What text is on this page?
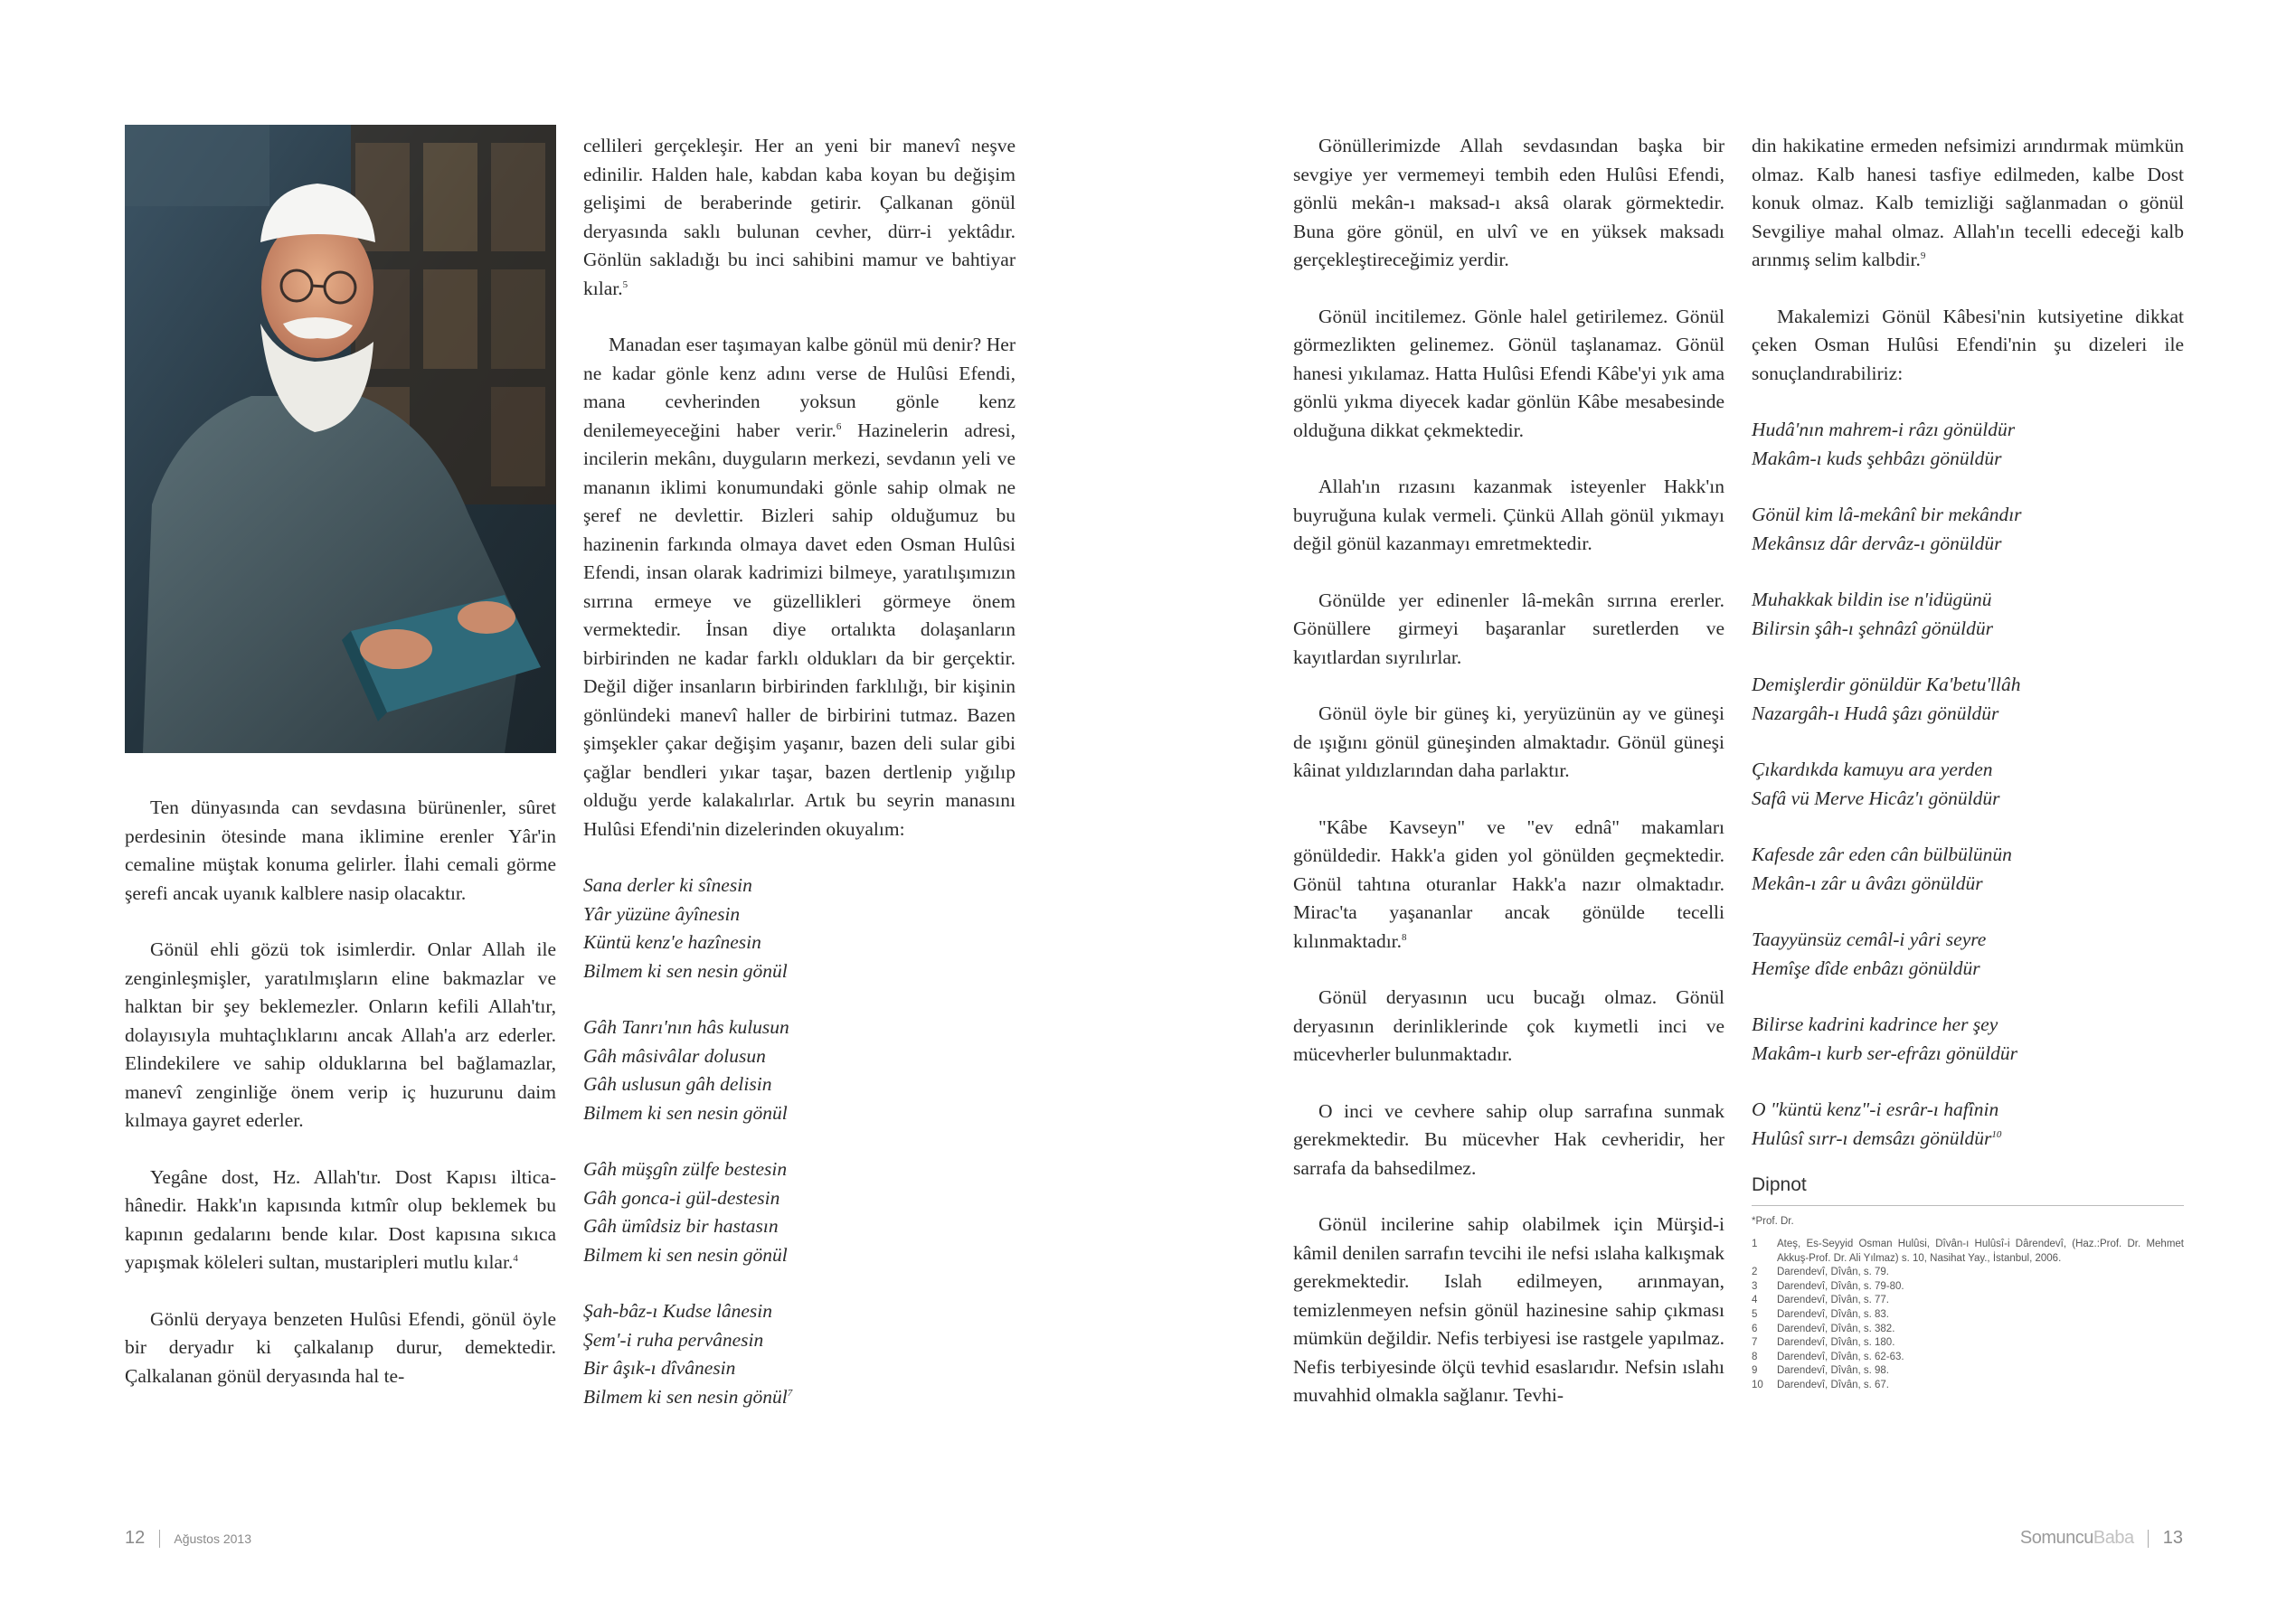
Ten dünyasında can sevdasına bürünenler, sûret perdesinin ötesinde mana iklimine erenler Yâr'in cemaline müştak konuma gelirler. İlahi cemali görme şerefi ancak uyanık kalblere nasip olacaktır.

Gönül ehli gözü tok isimlerdir. Onlar Allah ile zenginleşmişler, yaratılmışların eline bakmazlar ve halktan bir şey beklemezler. Onların kefili Allah'tır, dolayısıyla muhtaçlıklarını ancak Allah'a arz ederler. Elindekilere ve sahip olduklarına bel bağlamazlar, manevî zenginliğe önem verip iç huzurunu daim kılmaya gayret ederler.

Yegâne dost, Hz. Allah'tır. Dost Kapısı ilticahânedir. Hakk'ın kapısında kıtmîr olup beklemek bu kapının gedalarını bende kılar. Dost kapısına sıkıca yapışmak köleleri sultan, mustaripleri mutlu kılar.$^4$

Gönlü deryaya benzeten Hulûsi Efendi, gönül öyle bir deryadır ki çalkalanıp durur, demektedir. Çalkalanan gönül deryasında hal te-

cellileri gerçekleşir. Her an yeni bir manevî neşve edinilir. Halden hale, kabdan kaba koyan bu değişim gelişimi de beraberinde getirir. Çalkanan gönül deryasında saklı bulunan cevher, dürr-i yektâdır. Gönlün sakladığı bu inci sahibini mamur ve bahtiyar kılar.$^5$

Manadan eser taşımayan kalbe gönül mü denir? Her ne kadar gönle kenz adını verse de Hulûsi Efendi, mana cevherinden yoksun gönle kenz denilemeyeceğini haber verir.$^6$ Hazinelerin adresi, incilerin mekânı, duyguların merkezi, sevdanın yeli ve mananın iklimi konumundaki gönle sahip olmak ne şeref ne devlettir. Bizleri sahip olduğumuz bu hazinenin farkında olmaya davet eden Osman Hulûsi Efendi, insan olarak kadrimizi bilmeye, yaratılışımızın sırrına ermeye ve güzellikleri görmeye önem vermektedir. İnsan diye ortalıkta dolaşanların birbirinden ne kadar farklı oldukları da bir gerçektir. Değil diğer insanların birbirinden farklılığı, bir kişinin gönlündeki manevî haller de birbirini tutmaz. Bazen şimşekler çakar değişim yaşanır, bazen deli sular gibi çağlar bendleri yıkar taşar, bazen dertlenip yığılıp olduğu yerde kalakalırlar. Artık bu seyrin manasını Hulûsi Efendi'nin dizelerinden okuyalım:

Sana derler ki sînesin
Yâr yüzüne âyînesin
Küntü kenz'e hazînesin
Bilmem ki sen nesin gönül
Gâh Tanrı'nın hâs kulusun
Gâh mâsivâlar dolusun
Gâh uslusun gâh delisin
Bilmem ki sen nesin gönül
Gâh müşgîn zülfe bestesin
Gâh gonca-i gül-destesin
Gâh ümîdsiz bir hastasın
Bilmem ki sen nesin gönül
Şah-bâz-ı Kudse lânesin
Şem'-i ruha pervânesin
Bir âşık-ı dîvânesin
Bilmem ki sen nesin gönül$^7$
12 Ağustos 2013

Gönüllerimizde Allah sevdasından başka bir sevgiye yer vermemeyi tembih eden Hulûsi Efendi, gönlü mekân-ı maksad-ı aksâ olarak görmektedir. Buna göre gönül, en ulvî ve en yüksek maksadı gerçekleştireceğimiz yerdir.

Gönül incitilemez. Gönle halel getirilemez. Gönül görmezlikten gelinemez. Gönül taşlanamaz. Gönül hanesi yıkılamaz. Hatta Hulûsi Efendi Kâbe'yi yık ama gönlü yıkma diyecek kadar gönlün Kâbe mesabesinde olduğuna dikkat çekmektedir.

Allah'ın rızasını kazanmak isteyenler Hakk'ın buyruğuna kulak vermeli. Çünkü Allah gönül yıkmayı değil gönül kazanmayı emretmektedir.

Gönülde yer edinenler lâ-mekân sırrına ererler. Gönüllere girmeyi başaranlar suretlerden ve kayıtlardan sıyrılırlar.

Gönül öyle bir güneş ki, yeryüzünün ay ve güneşi de ışığını gönül güneşinden almaktadır. Gönül güneşi kâinat yıldızlarından daha parlaktır.

"Kâbe Kavseyn" ve "ev ednâ" makamları gönüldedir. Hakk'a giden yol gönülden geçmektedir. Gönül tahtına oturanlar Hakk'a nazır olmaktadır. Mirac'ta yaşananlar ancak gönülde tecelli kılınmaktadır.$^8$

Gönül deryasının ucu bucağı olmaz. Gönül deryasının derinliklerinde çok kıymetli inci ve mücevherler bulunmaktadır.

O inci ve cevhere sahip olup sarrafına sunmak gerekmektedir. Bu mücevher Hak cevheridir, her sarrafa da bahsedilmez.

Gönül incilerine sahip olabilmek için Mürşid-i kâmil denilen sarrafın tevcihi ile nefsi ıslaha kalkışmak gerekmektedir. Islah edilmeyen, arınmayan, temizlenmeyen nefsin gönül hazinesine sahip çıkması mümkün değildir. Nefis terbiyesi ise rastgele yapılmaz. Nefis terbiyesinde ölçü tevhid esaslarıdır. Nefsin ıslahı muvahhid olmakla sağlanır. Tevhi-

din hakikatine ermeden nefsimizi arındırmak mümkün olmaz. Kalb hanesi tasfiye edilmeden, kalbe Dost konuk olmaz. Kalb temizliği sağlanmadan o gönül Sevgiliye mahal olmaz. Allah'ın tecelli edeceği kalb arınmış selim kalbdir.$^9$

Makalemizi Gönül Kâbesi'nin kutsiyetine dikkat çeken Osman Hulûsi Efendi'nin şu dizeleri ile sonuçlandırabiliriz:

Hudâ'nın mahrem-i râzı gönüldür
Makâm-ı kuds şehbâzı gönüldür
Gönül kim lâ-mekânî bir mekândır
Mekânsız dâr dervâz-ı gönüldür
Muhakkak bildin ise n'idügünü
Bilirsin şâh-ı şehnâzî gönüldür
Demişlerdir gönüldür Ka'betu'llâh
Nazargâh-ı Hudâ şâzı gönüldür
Çıkardıkda kamuyu ara yerden
Safâ vü Merve Hicâz'ı gönüldür
Kafesde zâr eden cân bülbülünün
Mekân-ı zâr u âvâzı gönüldür
Taayyünsüz cemâl-i yâri seyre
Hemîşe dîde enbâzı gönüldür
Bilirse kadrini kadrince her şey
Makâm-ı kurb ser-efrâzı gönüldür
O "küntü kenz"-i esrâr-ı hafînin
Hulûsî sırr-ı demsâzı gönüldür$^{10}$
Dipnot
*Prof. Dr.
1	Ateş, Es-Seyyid Osman Hulûsi, Dîvân-ı Hulûsî-i Dârendevî, (Haz.:Prof. Dr. Mehmet Akkuş-Prof. Dr. Ali Yılmaz) s. 10, Nasihat Yay., İstanbul, 2006.
2	Darendevî, Dîvân, s. 79.
3	Darendevî, Dîvân, s. 79-80.
4	Darendevî, Dîvân, s. 77.
5	Darendevî, Dîvân, s. 83.
6	Darendevî, Dîvân, s. 382.
7	Darendevî, Dîvân, s. 180.
8	Darendevî, Dîvân, s. 62-63.
9	Darendevî, Dîvân, s. 98.
10	Darendevî, Dîvân, s. 67.
SomuncuBaba 13
